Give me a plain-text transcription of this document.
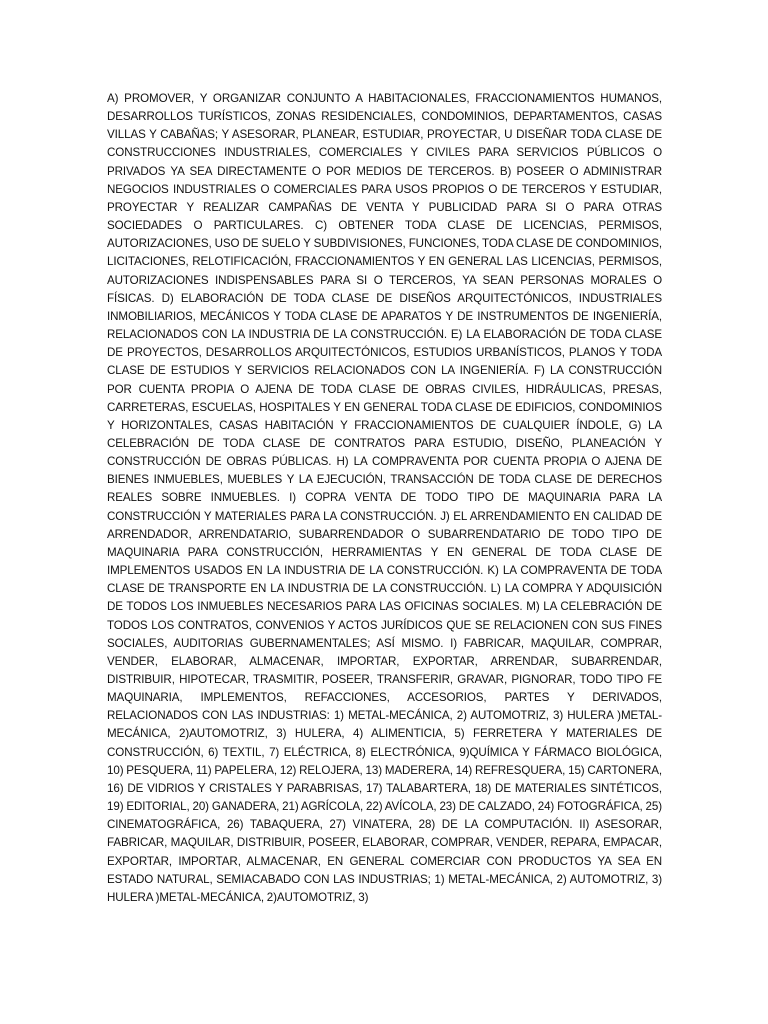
A) PROMOVER, Y ORGANIZAR CONJUNTO A HABITACIONALES, FRACCIONAMIENTOS HUMANOS, DESARROLLOS TURÍSTICOS, ZONAS RESIDENCIALES, CONDOMINIOS, DEPARTAMENTOS, CASAS VILLAS Y CABAÑAS; Y ASESORAR, PLANEAR, ESTUDIAR, PROYECTAR, U DISEÑAR TODA CLASE DE CONSTRUCCIONES INDUSTRIALES, COMERCIALES Y CIVILES PARA SERVICIOS PÚBLICOS O PRIVADOS YA SEA DIRECTAMENTE O POR MEDIOS DE TERCEROS. B) POSEER O ADMINISTRAR NEGOCIOS INDUSTRIALES O COMERCIALES PARA USOS PROPIOS O DE TERCEROS Y ESTUDIAR, PROYECTAR Y REALIZAR CAMPAÑAS DE VENTA Y PUBLICIDAD PARA SI O PARA OTRAS SOCIEDADES O PARTICULARES. C) OBTENER TODA CLASE DE LICENCIAS, PERMISOS, AUTORIZACIONES, USO DE SUELO Y SUBDIVISIONES, FUNCIONES, TODA CLASE DE CONDOMINIOS, LICITACIONES, RELOTIFICACIÓN, FRACCIONAMIENTOS Y EN GENERAL LAS LICENCIAS, PERMISOS, AUTORIZACIONES INDISPENSABLES PARA SI O TERCEROS, YA SEAN PERSONAS MORALES O FÍSICAS. D) ELABORACIÓN DE TODA CLASE DE DISEÑOS ARQUITECTÓNICOS, INDUSTRIALES INMOBILIARIOS, MECÁNICOS Y TODA CLASE DE APARATOS Y DE INSTRUMENTOS DE INGENIERÍA, RELACIONADOS CON LA INDUSTRIA DE LA CONSTRUCCIÓN. E) LA ELABORACIÓN DE TODA CLASE DE PROYECTOS, DESARROLLOS ARQUITECTÓNICOS, ESTUDIOS URBANÍSTICOS, PLANOS Y TODA CLASE DE ESTUDIOS Y SERVICIOS RELACIONADOS CON LA INGENIERÍA. F) LA CONSTRUCCIÓN POR CUENTA PROPIA O AJENA DE TODA CLASE DE OBRAS CIVILES, HIDRÁULICAS, PRESAS, CARRETERAS, ESCUELAS, HOSPITALES Y EN GENERAL TODA CLASE DE EDIFICIOS, CONDOMINIOS Y HORIZONTALES, CASAS HABITACIÓN Y FRACCIONAMIENTOS DE CUALQUIER ÍNDOLE, G) LA CELEBRACIÓN DE TODA CLASE DE CONTRATOS PARA ESTUDIO, DISEÑO, PLANEACIÓN Y CONSTRUCCIÓN DE OBRAS PÚBLICAS. H) LA COMPRAVENTA POR CUENTA PROPIA O AJENA DE BIENES INMUEBLES, MUEBLES Y LA EJECUCIÓN, TRANSACCIÓN DE TODA CLASE DE DERECHOS REALES SOBRE INMUEBLES. I) COPRA VENTA DE TODO TIPO DE MAQUINARIA PARA LA CONSTRUCCIÓN Y MATERIALES PARA LA CONSTRUCCIÓN. J) EL ARRENDAMIENTO EN CALIDAD DE ARRENDADOR, ARRENDATARIO, SUBARRENDADOR O SUBARRENDATARIO DE TODO TIPO DE MAQUINARIA PARA CONSTRUCCIÓN, HERRAMIENTAS Y EN GENERAL DE TODA CLASE DE IMPLEMENTOS USADOS EN LA INDUSTRIA DE LA CONSTRUCCIÓN. K) LA COMPRAVENTA DE TODA CLASE DE TRANSPORTE EN LA INDUSTRIA DE LA CONSTRUCCIÓN. L) LA COMPRA Y ADQUISICIÓN DE TODOS LOS INMUEBLES NECESARIOS PARA LAS OFICINAS SOCIALES. M) LA CELEBRACIÓN DE TODOS LOS CONTRATOS, CONVENIOS Y ACTOS JURÍDICOS QUE SE RELACIONEN CON SUS FINES SOCIALES, AUDITORIAS GUBERNAMENTALES; ASÍ MISMO. I) FABRICAR, MAQUILAR, COMPRAR, VENDER, ELABORAR, ALMACENAR, IMPORTAR, EXPORTAR, ARRENDAR, SUBARRENDAR, DISTRIBUIR, HIPOTECAR, TRASMITIR, POSEER, TRANSFERIR, GRAVAR, PIGNORAR, TODO TIPO FE MAQUINARIA, IMPLEMENTOS, REFACCIONES, ACCESORIOS, PARTES Y DERIVADOS, RELACIONADOS CON LAS INDUSTRIAS: 1) METAL-MECÁNICA, 2) AUTOMOTRIZ, 3) HULERA )METAL-MECÁNICA, 2)AUTOMOTRIZ, 3) HULERA, 4) ALIMENTICIA, 5) FERRETERA Y MATERIALES DE CONSTRUCCIÓN, 6) TEXTIL, 7) ELÉCTRICA, 8) ELECTRÓNICA, 9)QUÍMICA Y FÁRMACO BIOLÓGICA, 10) PESQUERA, 11) PAPELERA, 12) RELOJERA, 13) MADERERA, 14) REFRESQUERA, 15) CARTONERA, 16) DE VIDRIOS Y CRISTALES Y PARABRISAS, 17) TALABARTERA, 18) DE MATERIALES SINTÉTICOS, 19) EDITORIAL, 20) GANADERA, 21) AGRÍCOLA, 22) AVÍCOLA, 23) DE CALZADO, 24) FOTOGRÁFICA, 25) CINEMATOGRÁFICA, 26) TABAQUERA, 27) VINATERA, 28) DE LA COMPUTACIÓN. II) ASESORAR, FABRICAR, MAQUILAR, DISTRIBUIR, POSEER, ELABORAR, COMPRAR, VENDER, REPARA, EMPACAR, EXPORTAR, IMPORTAR, ALMACENAR, EN GENERAL COMERCIAR CON PRODUCTOS YA SEA EN ESTADO NATURAL, SEMIACABADO CON LAS INDUSTRIAS; 1) METAL-MECÁNICA, 2) AUTOMOTRIZ, 3) HULERA )METAL-MECÁNICA, 2)AUTOMOTRIZ, 3)
